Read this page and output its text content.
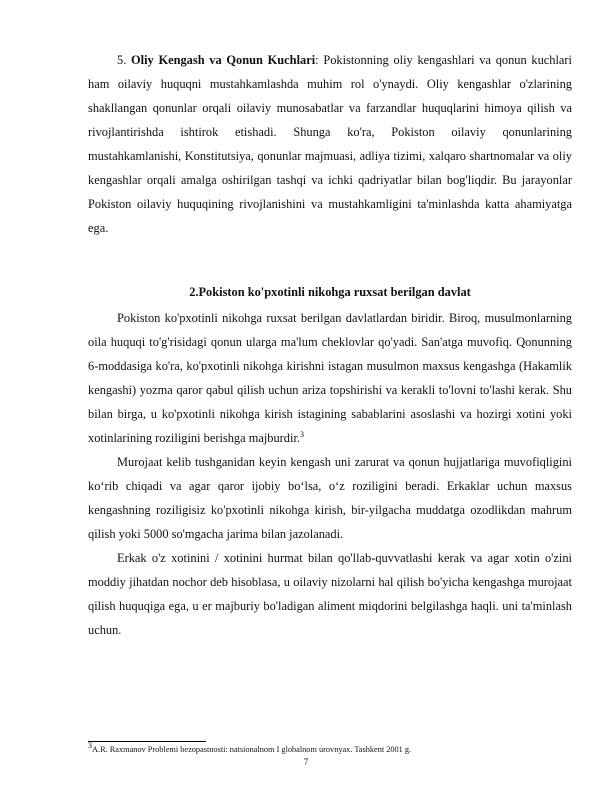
5. Oliy Kengash va Qonun Kuchlari: Pokistonning oliy kengashlari va qonun kuchlari ham oilaviy huquqni mustahkamlashda muhim rol o'ynaydi. Oliy kengashlar o'zlarining shakllangan qonunlar orqali oilaviy munosabatlar va farzandlar huquqlarini himoya qilish va rivojlantirishda ishtirok etishadi. Shunga ko'ra, Pokiston oilaviy qonunlarining mustahkamlanishi, Konstitutsiya, qonunlar majmuasi, adliya tizimi, xalqaro shartnomalar va oliy kengashlar orqali amalga oshirilgan tashqi va ichki qadriyatlar bilan bog'liqdir. Bu jarayonlar Pokiston oilaviy huquqining rivojlanishini va mustahkamligini ta'minlashda katta ahamiyatga ega.

2.Pokiston ko'pxotinli nikohga ruxsat berilgan davlat

Pokiston ko'pxotinli nikohga ruxsat berilgan davlatlardan biridir. Biroq, musulmonlarning oila huquqi to'g'risidagi qonun ularga ma'lum cheklovlar qo'yadi. San'atga muvofiq. Qonunning 6-moddasiga ko'ra, ko'pxotinli nikohga kirishni istagan musulmon maxsus kengashga (Hakamlik kengashi) yozma qaror qabul qilish uchun ariza topshirishi va kerakli to'lovni to'lashi kerak. Shu bilan birga, u ko'pxotinli nikohga kirish istagining sabablarini asoslashi va hozirgi xotini yoki xotinlarining roziligini berishga majburdir.$^3$

Murojaat kelib tushganidan keyin kengash uni zarurat va qonun hujjatlariga muvofiqligini ko‘rib chiqadi va agar qaror ijobiy bo‘lsa, o‘z roziligini beradi. Erkaklar uchun maxsus kengashning roziligisiz ko'pxotinli nikohga kirish, bir-yilgacha muddatga ozodlikdan mahrum qilish yoki 5000 so'mgacha jarima bilan jazolanadi.

Erkak o'z xotinini / xotinini hurmat bilan qo'llab-quvvatlashi kerak va agar xotin o'zini moddiy jihatdan nochor deb hisoblasa, u oilaviy nizolarni hal qilish bo'yicha kengashga murojaat qilish huquqiga ega, u er majburiy bo'ladigan aliment miqdorini belgilashga haqli. uni ta'minlash uchun.

$^3$A.R. Raxmanov Problemi bezopastnosti: natsionalnom I globalnom urovnyax. Tashkent 2001 g.
7
